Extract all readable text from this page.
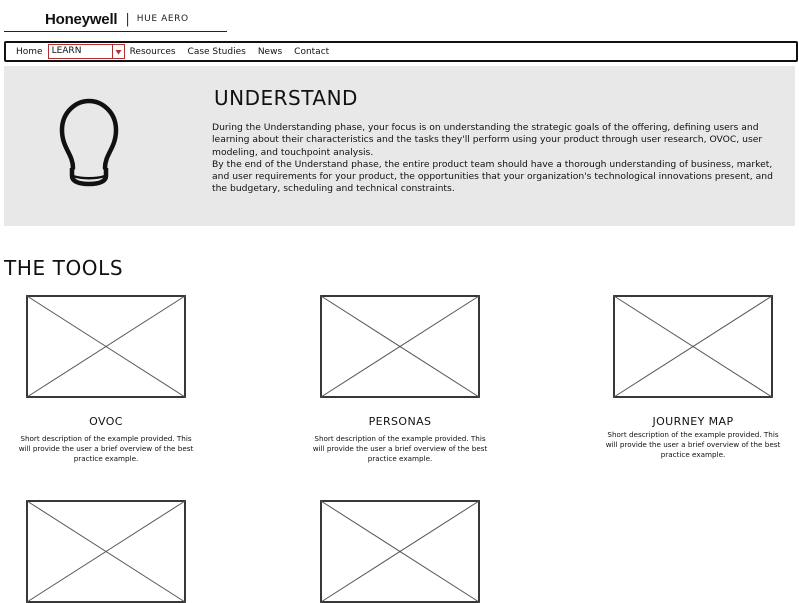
Honeywell | HUE AERO
Home	LEARN	Resources Case Studies News Contact
UNDERSTAND

During the Understanding phase, your focus is on understanding the strategic goals of the offering, defining users and learning about their characteristics and the tasks they'll perform using your product through user research, OVOC, user modeling, and touchpoint analysis.

By the end of the Understand phase, the entire product team should have a thorough understanding of business, market, and user requirements for your product, the opportunities that your organization's technological innovations present, and the budgetary, scheduling and technical constraints.

THE TOOLS
OVOC
Short description of the example provided. This will provide the user a brief overview of the best practice example.
PERSONAS
Short description of the example provided. This will provide the user a brief overview of the best practice example.
JOURNEY MAP
Short description of the example provided. This will provide the user a brief overview of the best practice example.
